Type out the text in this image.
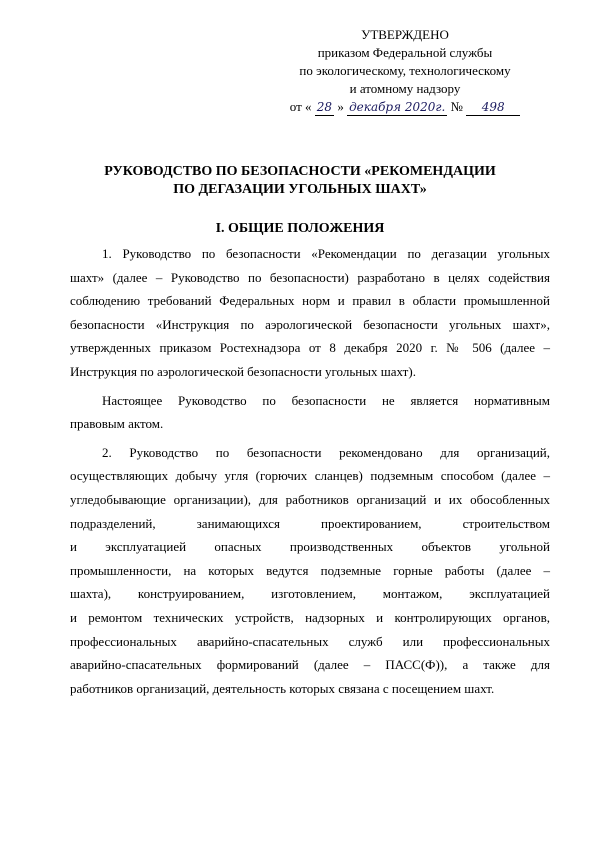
УТВЕРЖДЕНО
приказом Федеральной службы
по экологическому, технологическому
и атомному надзору
от « 28 » декабря 2020г. № 498
РУКОВОДСТВО ПО БЕЗОПАСНОСТИ «РЕКОМЕНДАЦИИ
ПО ДЕГАЗАЦИИ УГОЛЬНЫХ ШАХТ»
I. ОБЩИЕ ПОЛОЖЕНИЯ

1. Руководство по безопасности «Рекомендации по дегазации угольных
шахт» (далее – Руководство по безопасности) разработано в целях содействия
соблюдению требований Федеральных норм и правил в области промышленной
безопасности «Инструкция по аэрологической безопасности угольных шахт»,
утвержденных приказом Ростехнадзора от 8 декабря 2020 г. № 506 (далее –
Инструкция по аэрологической безопасности угольных шахт).

Настоящее Руководство по безопасности не является нормативным
правовым актом.

2. Руководство по безопасности рекомендовано для организаций,
осуществляющих добычу угля (горючих сланцев) подземным способом (далее –
угледобывающие организации), для работников организаций и их обособленных
подразделений, занимающихся проектированием, строительством
и эксплуатацией опасных производственных объектов угольной
промышленности, на которых ведутся подземные горные работы (далее –
шахта), конструированием, изготовлением, монтажом, эксплуатацией
и ремонтом технических устройств, надзорных и контролирующих органов,
профессиональных аварийно-спасательных служб или профессиональных
аварийно-спасательных формирований (далее – ПАСС(Ф)), а также для
работников организаций, деятельность которых связана с посещением шахт.
